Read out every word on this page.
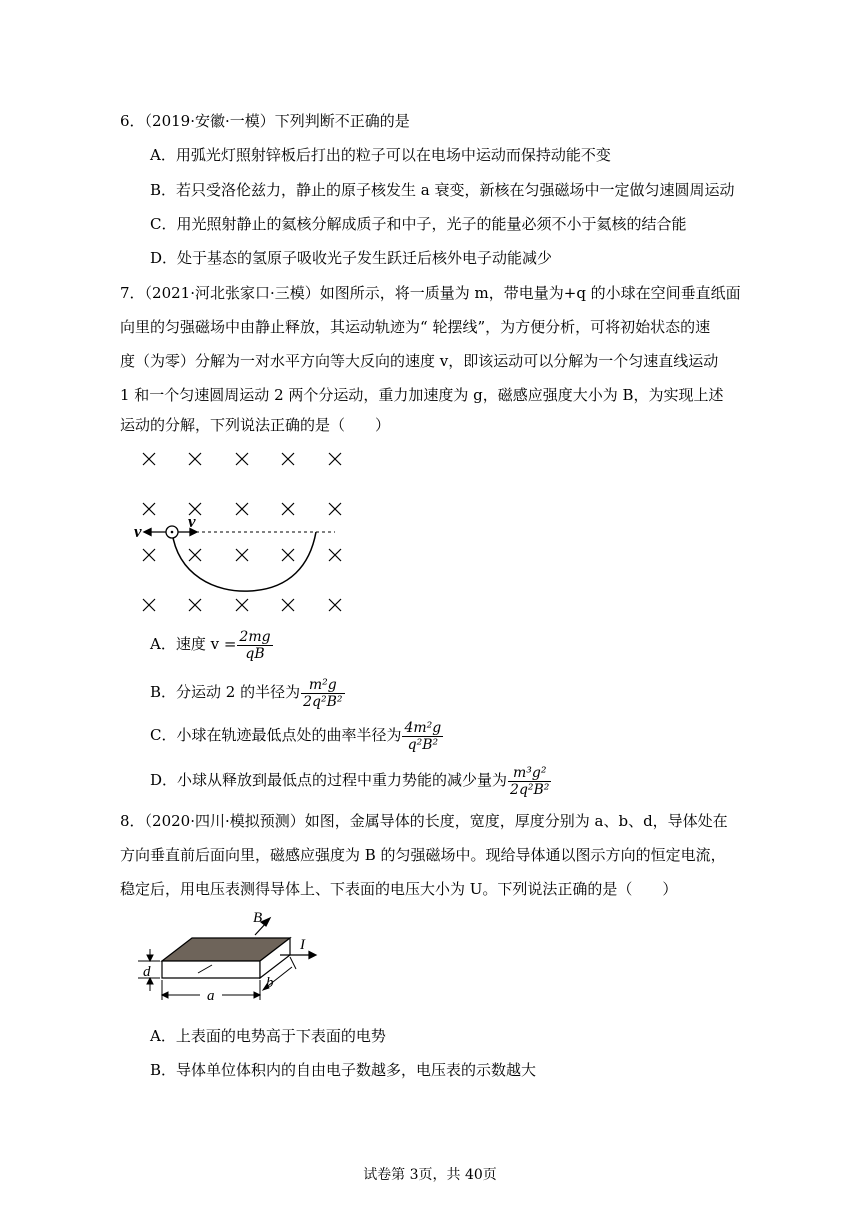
6．（2019·安徽·一模）下列判断不正确的是
A．用弧光灯照射锌板后打出的粒子可以在电场中运动而保持动能不变
B．若只受洛伦兹力，静止的原子核发生 a 衰变，新核在匀强磁场中一定做匀速圆周运动
C．用光照射静止的氦核分解成质子和中子，光子的能量必须不小于氦核的结合能
D．处于基态的氢原子吸收光子发生跃迁后核外电子动能减少
7．（2021·河北张家口·三模）如图所示，将一质量为 m，带电量为+q 的小球在空间垂直纸面
向里的匀强磁场中由静止释放，其运动轨迹为“ 轮摆线”，为方便分析，可将初始状态的速
度（为零）分解为一对水平方向等大反向的速度 v，即该运动可以分解为一个匀速直线运动
1 和一个匀速圆周运动 2 两个分运动，重力加速度为 g，磁感应强度大小为 B，为实现上述
运动的分解，下列说法正确的是（　　）
v
v
A．速度 $v = \frac{2mg}{qB}$
B．分运动 2 的半径为 $\frac{\text{m²g}}{\text{2q²B²}}$
C．小球在轨迹最低点处的曲率半径为 $\frac{\text{4m²g}}{\text{q²B²}}$
D．小球从释放到最低点的过程中重力势能的减少量为 $\frac{\text{m³g²}}{\text{2q²B²}}$
8．（2020·四川·模拟预测）如图，金属导体的长度，宽度，厚度分别为 a、b、d，导体处在
方向垂直前后面向里，磁感应强度为 B 的匀强磁场中。现给导体通以图示方向的恒定电流，
稳定后，用电压表测得导体上、下表面的电压大小为 U。下列说法正确的是（　　）
B
I
d
a
b
A．上表面的电势高于下表面的电势
B．导体单位体积内的自由电子数越多，电压表的示数越大
试卷第 3页，共 40页
